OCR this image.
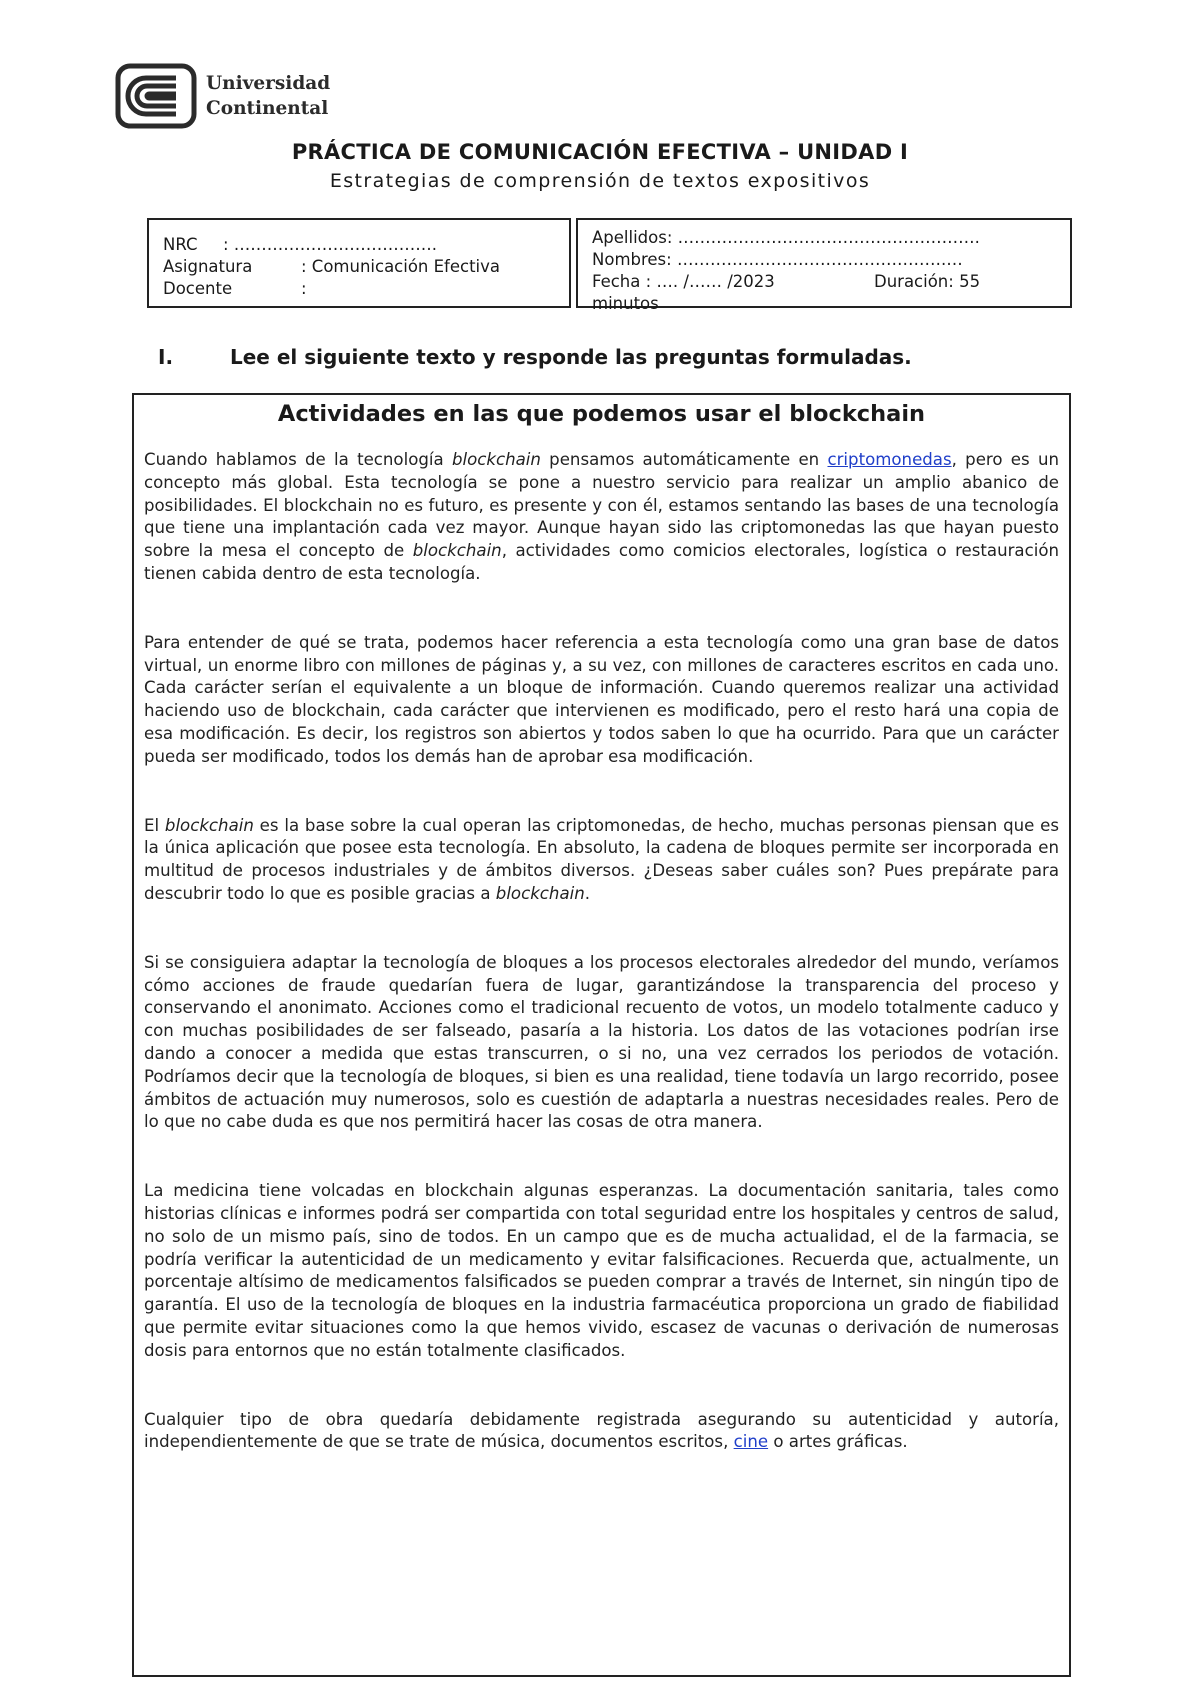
Universidad
Continental
PRÁCTICA DE COMUNICACIÓN EFECTIVA – UNIDAD I
Estrategias de comprensión de textos expositivos
NRC : ……………………………….
Asignatura	: Comunicación Efectiva
Docente	:
Apellidos: ……………………………………………….
Nombres: ………………………………………….…
Fecha : …. /…… /2023	Duración: 55
minutos
I.	Lee el siguiente texto y responde las preguntas formuladas.
Actividades en las que podemos usar el blockchain

Cuando hablamos de la tecnología blockchain pensamos automáticamente en criptomonedas, pero es un concepto más global. Esta tecnología se pone a nuestro servicio para realizar un amplio abanico de posibilidades. El blockchain no es futuro, es presente y con él, estamos sentando las bases de una tecnología que tiene una implantación cada vez mayor. Aunque hayan sido las criptomonedas las que hayan puesto sobre la mesa el concepto de blockchain, actividades como comicios electorales, logística o restauración tienen cabida dentro de esta tecnología.

Para entender de qué se trata, podemos hacer referencia a esta tecnología como una gran base de datos virtual, un enorme libro con millones de páginas y, a su vez, con millones de caracteres escritos en cada uno. Cada carácter serían el equivalente a un bloque de información. Cuando queremos realizar una actividad haciendo uso de blockchain, cada carácter que intervienen es modificado, pero el resto hará una copia de esa modificación. Es decir, los registros son abiertos y todos saben lo que ha ocurrido. Para que un carácter pueda ser modificado, todos los demás han de aprobar esa modificación.

El blockchain es la base sobre la cual operan las criptomonedas, de hecho, muchas personas piensan que es la única aplicación que posee esta tecnología. En absoluto, la cadena de bloques permite ser incorporada en multitud de procesos industriales y de ámbitos diversos. ¿Deseas saber cuáles son? Pues prepárate para descubrir todo lo que es posible gracias a blockchain.

Si se consiguiera adaptar la tecnología de bloques a los procesos electorales alrededor del mundo, veríamos cómo acciones de fraude quedarían fuera de lugar, garantizándose la transparencia del proceso y conservando el anonimato. Acciones como el tradicional recuento de votos, un modelo totalmente caduco y con muchas posibilidades de ser falseado, pasaría a la historia. Los datos de las votaciones podrían irse dando a conocer a medida que estas transcurren, o si no, una vez cerrados los periodos de votación. Podríamos decir que la tecnología de bloques, si bien es una realidad, tiene todavía un largo recorrido, posee ámbitos de actuación muy numerosos, solo es cuestión de adaptarla a nuestras necesidades reales. Pero de lo que no cabe duda es que nos permitirá hacer las cosas de otra manera.

La medicina tiene volcadas en blockchain algunas esperanzas. La documentación sanitaria, tales como historias clínicas e informes podrá ser compartida con total seguridad entre los hospitales y centros de salud, no solo de un mismo país, sino de todos. En un campo que es de mucha actualidad, el de la farmacia, se podría verificar la autenticidad de un medicamento y evitar falsificaciones. Recuerda que, actualmente, un porcentaje altísimo de medicamentos falsificados se pueden comprar a través de Internet, sin ningún tipo de garantía. El uso de la tecnología de bloques en la industria farmacéutica proporciona un grado de fiabilidad que permite evitar situaciones como la que hemos vivido, escasez de vacunas o derivación de numerosas dosis para entornos que no están totalmente clasificados.

Cualquier tipo de obra quedaría debidamente registrada asegurando su autenticidad y autoría, independientemente de que se trate de música, documentos escritos, cine o artes gráficas.
